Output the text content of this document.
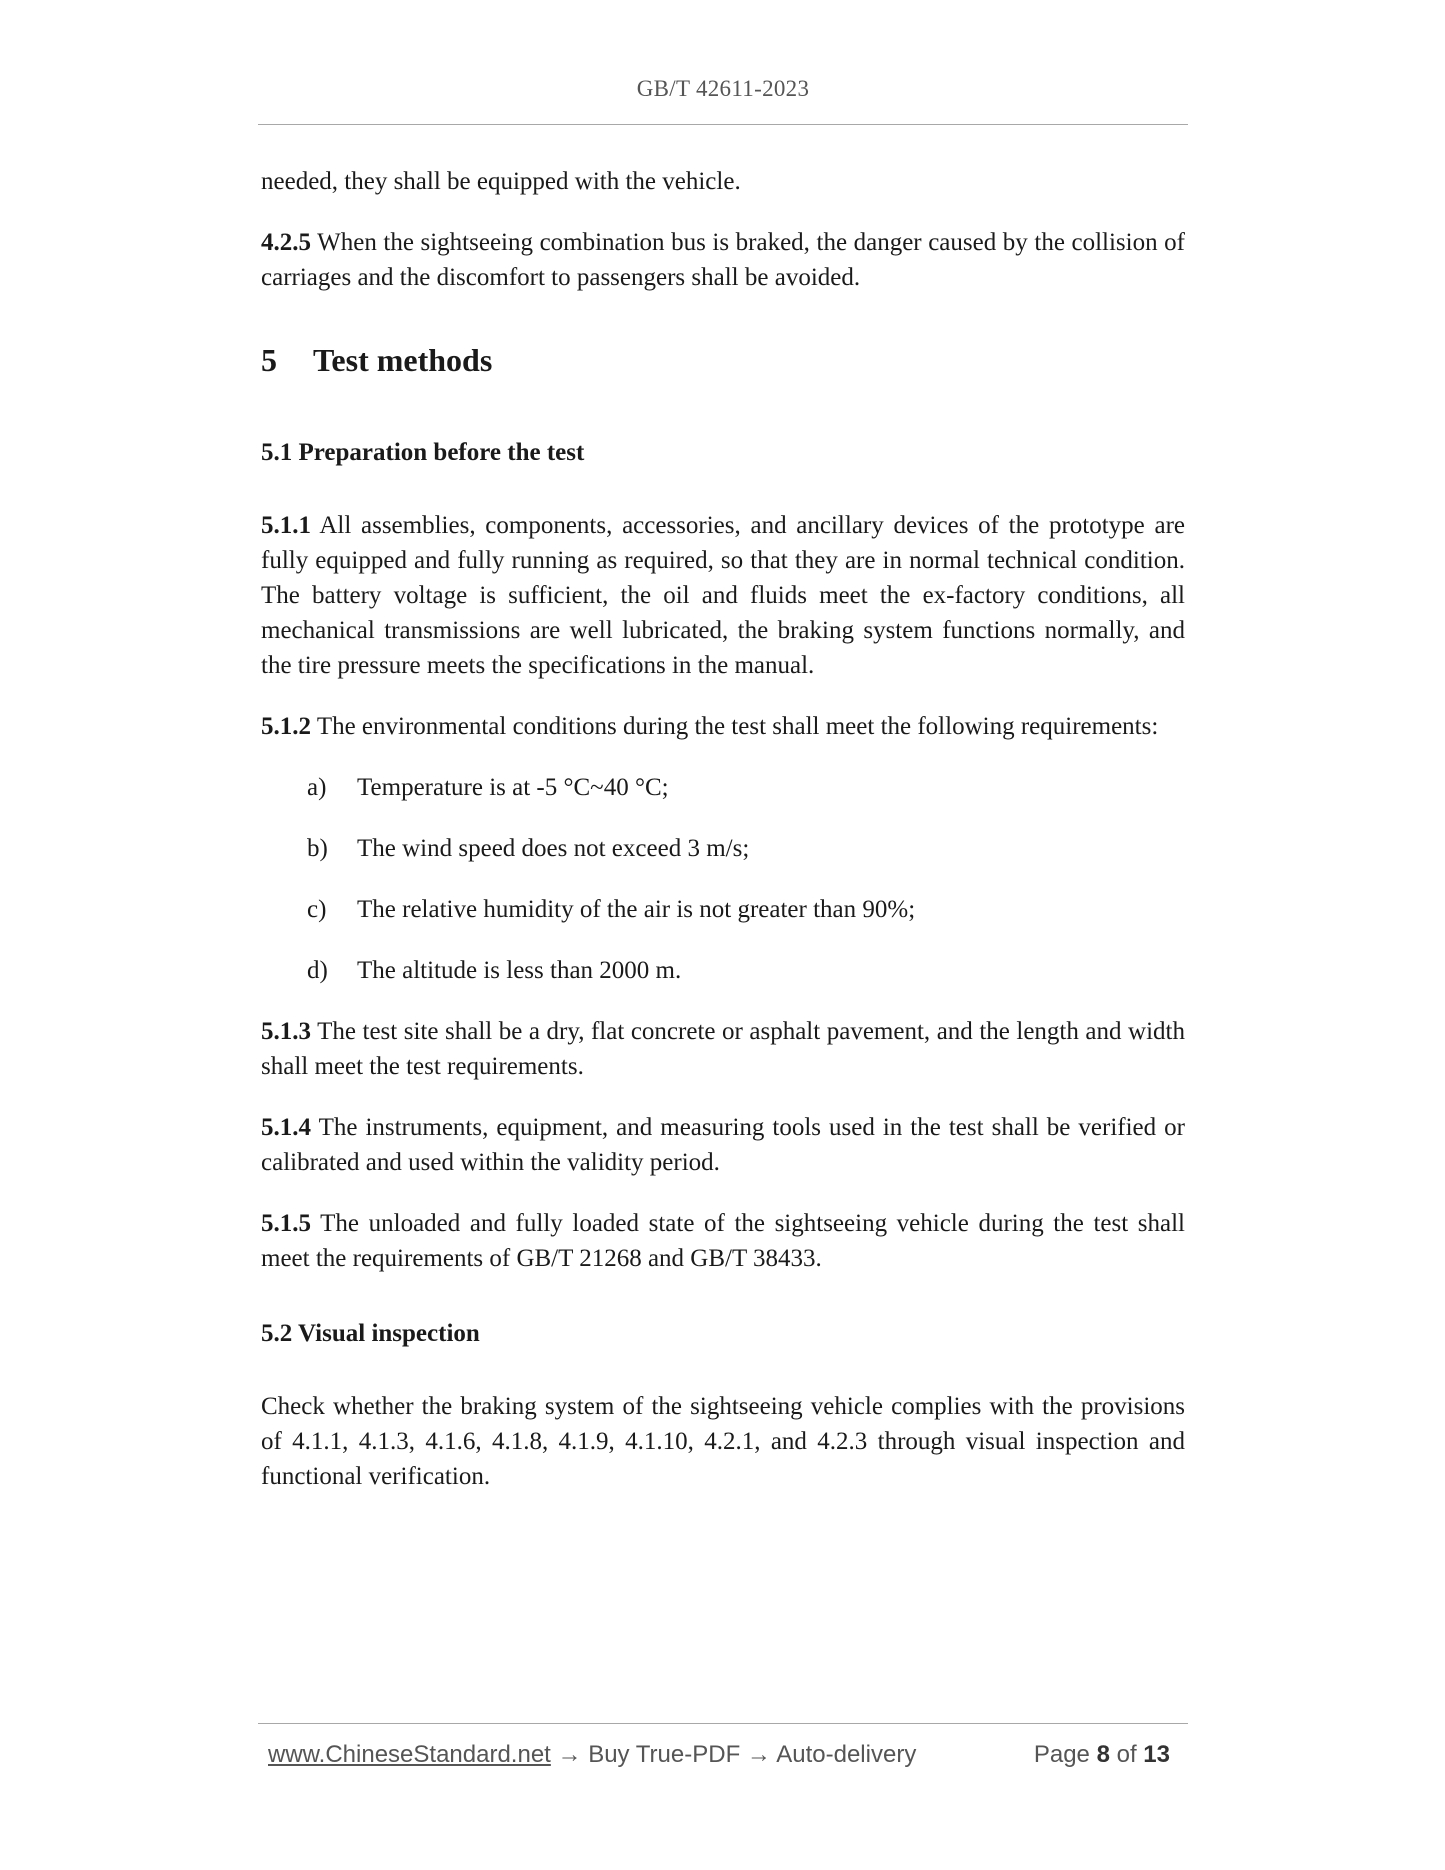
GB/T 42611-2023

needed, they shall be equipped with the vehicle.

4.2.5 When the sightseeing combination bus is braked, the danger caused by the collision of carriages and the discomfort to passengers shall be avoided.

5 Test methods
5.1 Preparation before the test

5.1.1 All assemblies, components, accessories, and ancillary devices of the prototype are fully equipped and fully running as required, so that they are in normal technical condition. The battery voltage is sufficient, the oil and fluids meet the ex-factory conditions, all mechanical transmissions are well lubricated, the braking system functions normally, and the tire pressure meets the specifications in the manual.

5.1.2 The environmental conditions during the test shall meet the following requirements:

a)	Temperature is at -5 °C~40 °C;
b)	The wind speed does not exceed 3 m/s;
c)	The relative humidity of the air is not greater than 90%;
d)	The altitude is less than 2000 m.

5.1.3 The test site shall be a dry, flat concrete or asphalt pavement, and the length and width shall meet the test requirements.

5.1.4 The instruments, equipment, and measuring tools used in the test shall be verified or calibrated and used within the validity period.

5.1.5 The unloaded and fully loaded state of the sightseeing vehicle during the test shall meet the requirements of GB/T 21268 and GB/T 38433.

5.2 Visual inspection

Check whether the braking system of the sightseeing vehicle complies with the provisions of 4.1.1, 4.1.3, 4.1.6, 4.1.8, 4.1.9, 4.1.10, 4.2.1, and 4.2.3 through visual inspection and functional verification.

www.ChineseStandard.net → Buy True-PDF → Auto-delivery	Page 8 of 13
